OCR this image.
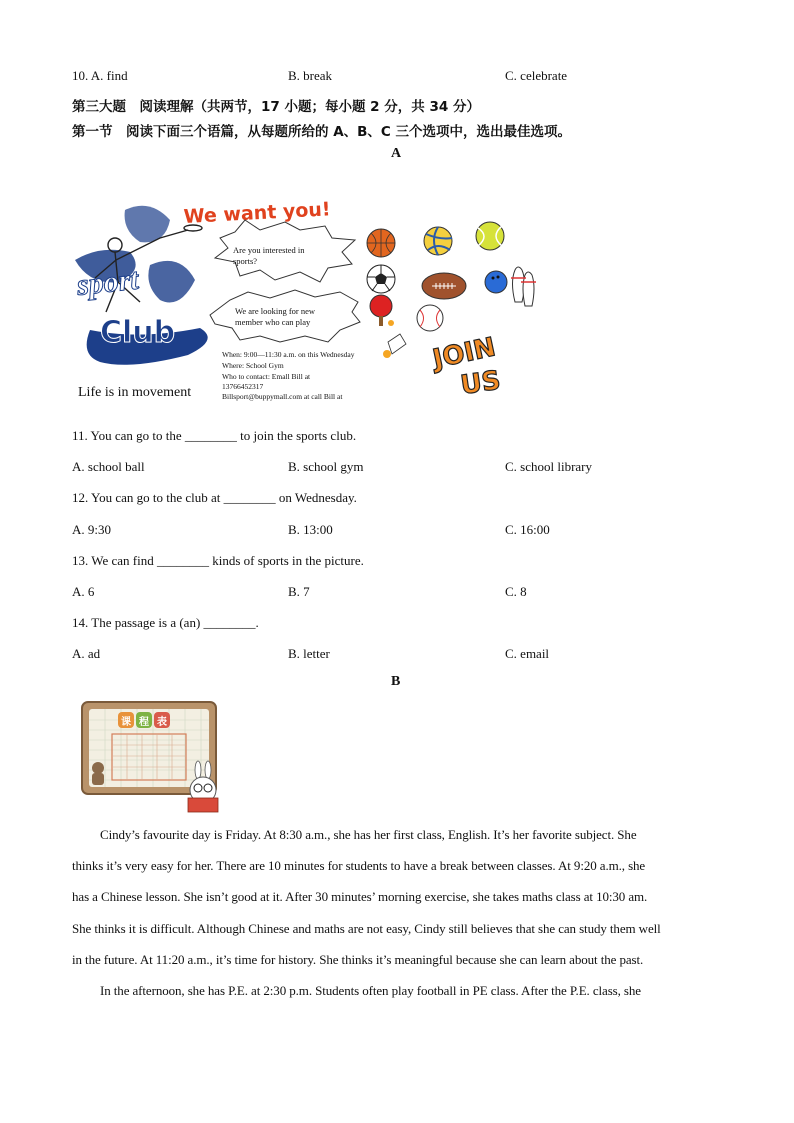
10. A. find	B. break	C. celebrate
第三大题　阅读理解（共两节，17 小题；每小题 2 分，共 34 分）
第一节　阅读下面三个语篇，从每题所给的 A、B、C 三个选项中，选出最佳选项。
A
sport
Club
Life is in movement
We want you!
Are you interested in sports?
We are looking for new member who can play
When: 9:00—11:30 a.m. on this Wednesday
Where: School Gym
Who to contact: Emall Bill at
13766452317
Billsport@buppymall.com at call Bill at
JOIN
US
11. You can go to the ________ to join the sports club.
A. school ball	B. school gym	C. school library
12. You can go to the club at ________ on Wednesday.
A. 9:30	B. 13:00	C. 16:00
13. We can find ________ kinds of sports in the picture.
A. 6	B. 7	C. 8
14. The passage is a (an) ________.
A. ad	B. letter	C. email
B
课 程 表
Cindy’s favourite day is Friday. At 8:30 a.m., she has her first class, English. It’s her favorite subject. She
thinks it’s very easy for her. There are 10 minutes for students to have a break between classes. At 9:20 a.m., she
has a Chinese lesson. She isn’t good at it. After 30 minutes’ morning exercise, she takes maths class at 10:30 am.
She thinks it is difficult. Although Chinese and maths are not easy, Cindy still believes that she can study them well
in the future. At 11:20 a.m., it’s time for history. She thinks it’s meaningful because she can learn about the past.
In the afternoon, she has P.E. at 2:30 p.m. Students often play football in PE class. After the P.E. class, she
